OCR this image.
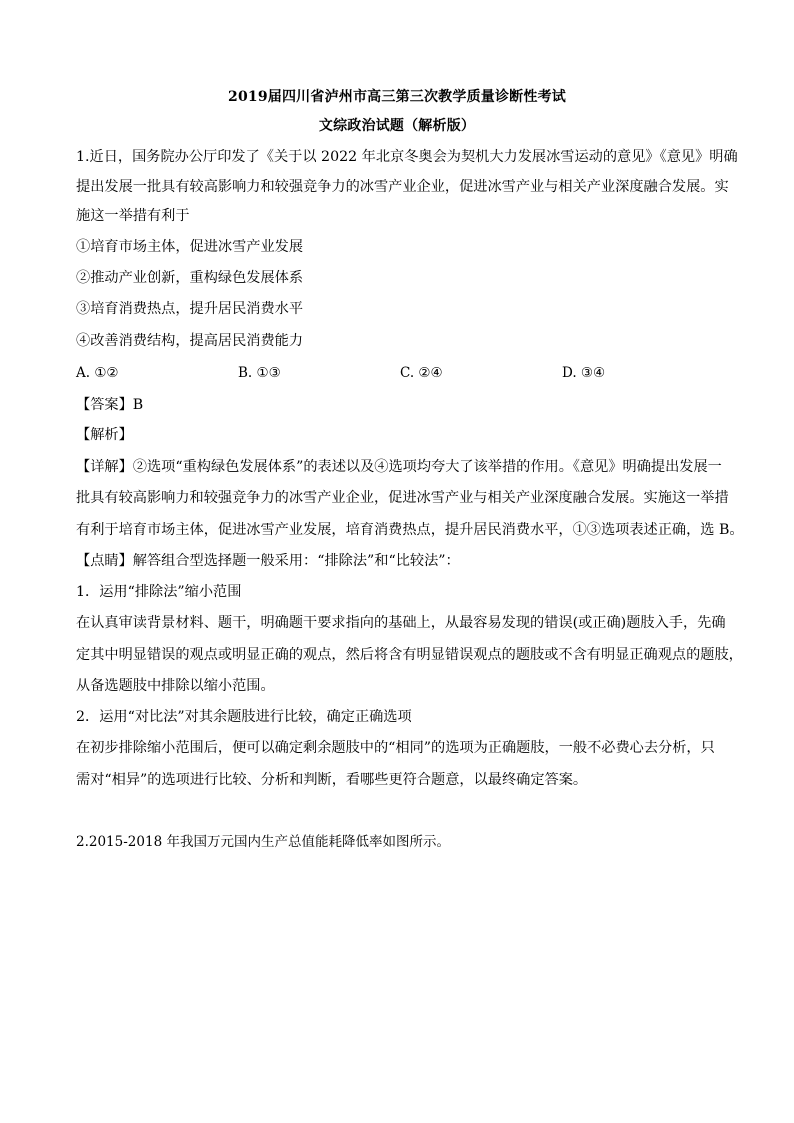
2019届四川省泸州市高三第三次教学质量诊断性考试
文综政治试题（解析版）
1.近日，国务院办公厅印发了《关于以 2022 年北京冬奥会为契机大力发展冰雪运动的意见》《意见》明确
提出发展一批具有较高影响力和较强竞争力的冰雪产业企业，促进冰雪产业与相关产业深度融合发展。实
施这一举措有利于
①培育市场主体，促进冰雪产业发展
②推动产业创新，重构绿色发展体系
③培育消费热点，提升居民消费水平
④改善消费结构，提高居民消费能力
A. ①②	B. ①③	C. ②④	D. ③④
【答案】B
【解析】
【详解】②选项“重构绿色发展体系”的表述以及④选项均夸大了该举措的作用。《意见》明确提出发展一
批具有较高影响力和较强竞争力的冰雪产业企业，促进冰雪产业与相关产业深度融合发展。实施这一举措
有利于培育市场主体，促进冰雪产业发展，培育消费热点，提升居民消费水平，①③选项表述正确，选 B。
【点睛】解答组合型选择题一般采用：“排除法”和“比较法”：
1．运用“排除法”缩小范围
在认真审读背景材料、题干，明确题干要求指向的基础上，从最容易发现的错误(或正确)题肢入手，先确
定其中明显错误的观点或明显正确的观点，然后将含有明显错误观点的题肢或不含有明显正确观点的题肢，
从备选题肢中排除以缩小范围。
2．运用“对比法”对其余题肢进行比较，确定正确选项
在初步排除缩小范围后，便可以确定剩余题肢中的“相同”的选项为正确题肢，一般不必费心去分析，只
需对“相异”的选项进行比较、分析和判断，看哪些更符合题意，以最终确定答案。
2.2015-2018 年我国万元国内生产总值能耗降低率如图所示。
